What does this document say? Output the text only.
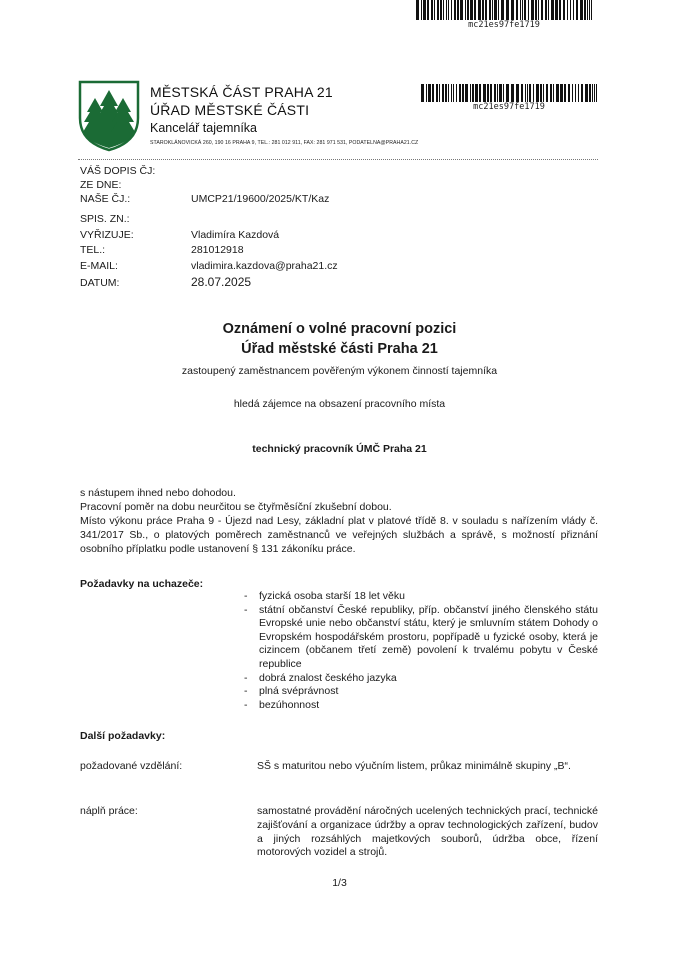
mc21es97fe1719
MĚSTSKÁ ČÁST PRAHA 21
ÚŘAD MĚSTSKÉ ČÁSTI
Kancelář tajemníka
STAROKLÁNOVICKÁ 260, 190 16 PRAHA 9, TEL.: 281 012 911, FAX: 281 971 531, PODATELNA@PRAHA21.CZ
mc21es97fe1719
VÁŠ DOPIS ČJ:
ZE DNE:
NAŠE ČJ.:	UMCP21/19600/2025/KT/Kaz
SPIS. ZN.:
VYŘIZUJE:	Vladimíra Kazdová
TEL.:	281012918
E-MAIL:	vladimira.kazdova@praha21.cz
DATUM:	28.07.2025
Oznámení o volné pracovní pozici
Úřad městské části Praha 21
zastoupený zaměstnancem pověřeným výkonem činností tajemníka
hledá zájemce na obsazení pracovního místa
technický pracovník ÚMČ Praha 21
s nástupem ihned nebo dohodou.
Pracovní poměr na dobu neurčitou se čtyřměsíční zkušební dobou.
Místo výkonu práce Praha 9 - Újezd nad Lesy, základní plat v platové třídě 8. v souladu s nařízením vlády č. 341/2017 Sb., o platových poměrech zaměstnanců ve veřejných službách a správě, s možností přiznání osobního příplatku podle ustanovení § 131 zákoníku práce.
Požadavky na uchazeče:
- fyzická osoba starší 18 let věku
- státní občanství České republiky, příp. občanství jiného členského státu Evropské unie nebo občanství státu, který je smluvním státem Dohody o Evropském hospodářském prostoru, popřípadě u fyzické osoby, která je cizincem (občanem třetí země) povolení k trvalému pobytu v České republice
- dobrá znalost českého jazyka
- plná svéprávnost
- bezúhonnost
Další požadavky:
požadované vzdělání:	SŠ s maturitou nebo výučním listem, průkaz minimálně skupiny „B“.
náplň práce:	samostatné provádění náročných ucelených technických prací, technické zajišťování a organizace údržby a oprav technologických zařízení, budov a jiných rozsáhlých majetkových souborů, údržba obce, řízení motorových vozidel a strojů.
1/3
